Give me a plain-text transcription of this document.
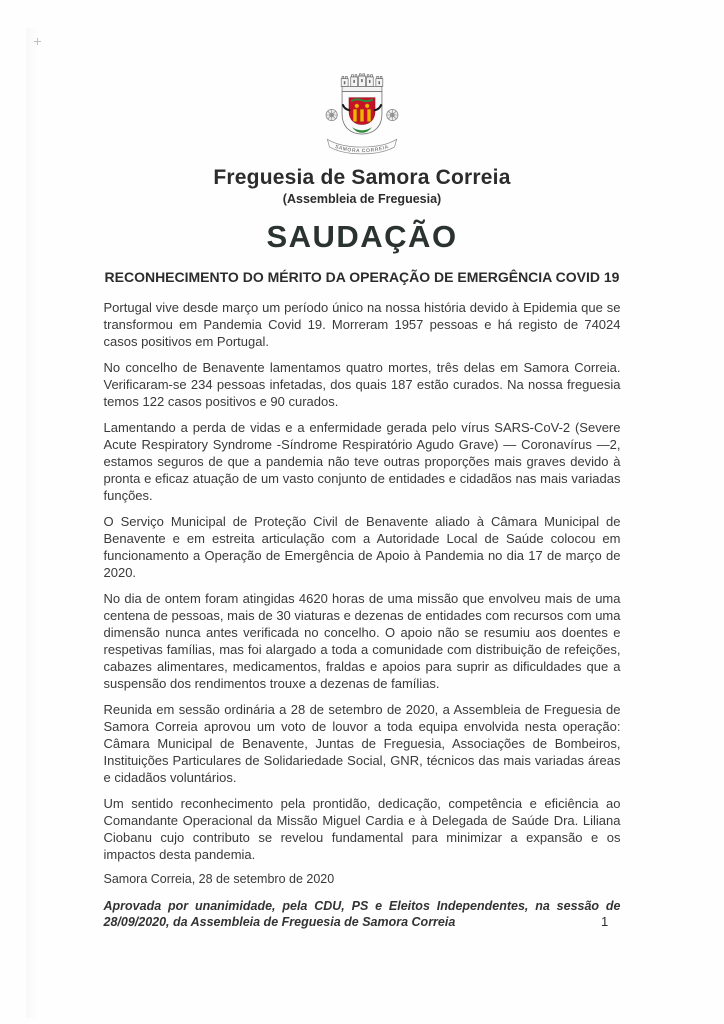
SAMORA CORREIA
Freguesia de Samora Correia
(Assembleia de Freguesia)
SAUDAÇÃO
RECONHECIMENTO DO MÉRITO DA OPERAÇÃO DE EMERGÊNCIA COVID 19

Portugal vive desde março um período único na nossa história devido à Epidemia que se transformou em Pandemia Covid 19. Morreram 1957 pessoas e há registo de 74024 casos positivos em Portugal.

No concelho de Benavente lamentamos quatro mortes, três delas em Samora Correia. Verificaram-se 234 pessoas infetadas, dos quais 187 estão curados. Na nossa freguesia temos 122 casos positivos e 90 curados.

Lamentando a perda de vidas e a enfermidade gerada pelo vírus SARS-CoV-2 (Severe Acute Respiratory Syndrome -Síndrome Respiratório Agudo Grave) — Coronavírus —2, estamos seguros de que a pandemia não teve outras proporções mais graves devido à pronta e eficaz atuação de um vasto conjunto de entidades e cidadãos nas mais variadas funções.

O Serviço Municipal de Proteção Civil de Benavente aliado à Câmara Municipal de Benavente e em estreita articulação com a Autoridade Local de Saúde colocou em funcionamento a Operação de Emergência de Apoio à Pandemia no dia 17 de março de 2020.

No dia de ontem foram atingidas 4620 horas de uma missão que envolveu mais de uma centena de pessoas, mais de 30 viaturas e dezenas de entidades com recursos com uma dimensão nunca antes verificada no concelho. O apoio não se resumiu aos doentes e respetivas famílias, mas foi alargado a toda a comunidade com distribuição de refeições, cabazes alimentares, medicamentos, fraldas e apoios para suprir as dificuldades que a suspensão dos rendimentos trouxe a dezenas de famílias.

Reunida em sessão ordinária a 28 de setembro de 2020, a Assembleia de Freguesia de Samora Correia aprovou um voto de louvor a toda equipa envolvida nesta operação: Câmara Municipal de Benavente, Juntas de Freguesia, Associações de Bombeiros, Instituições Particulares de Solidariedade Social, GNR, técnicos das mais variadas áreas e cidadãos voluntários.

Um sentido reconhecimento pela prontidão, dedicação, competência e eficiência ao Comandante Operacional da Missão Miguel Cardia e à Delegada de Saúde Dra. Liliana Ciobanu cujo contributo se revelou fundamental para minimizar a expansão e os impactos desta pandemia.

Samora Correia, 28 de setembro de 2020

Aprovada por unanimidade, pela CDU, PS e Eleitos Independentes, na sessão de 28/09/2020, da Assembleia de Freguesia de Samora Correia	1
